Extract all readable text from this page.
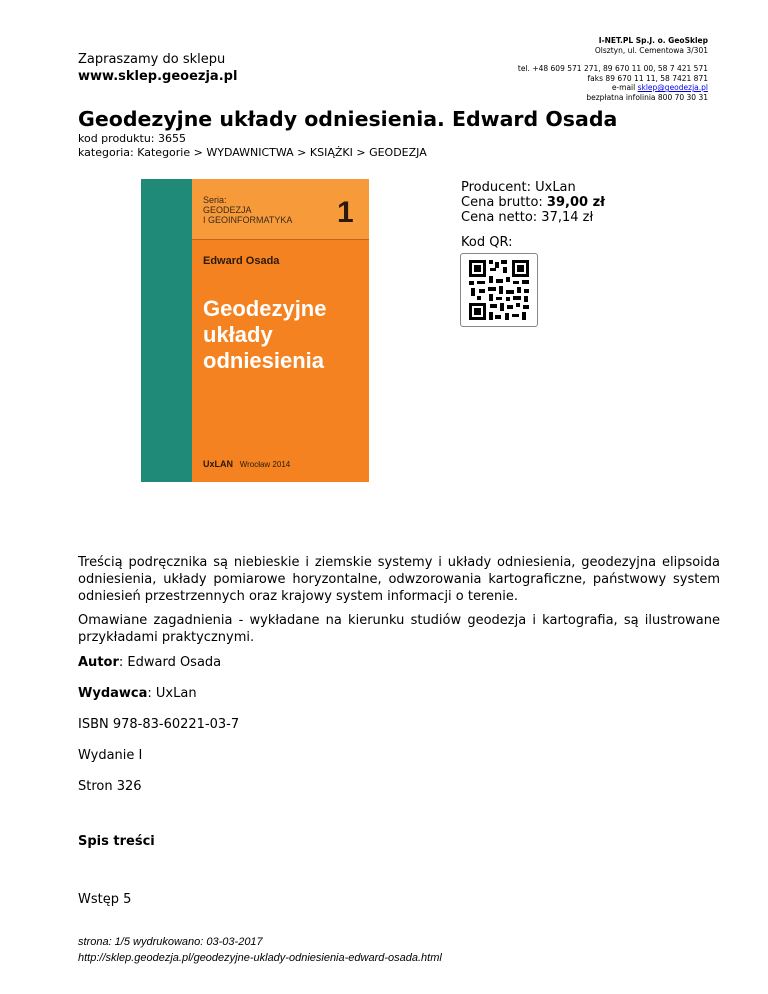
Zapraszamy do sklepu
www.sklep.geoezja.pl
I-NET.PL Sp.J. o. GeoSklep
Olsztyn, ul. Cementowa 3/301
tel. +48 609 571 271, 89 670 11 00, 58 7 421 571
faks 89 670 11 11, 58 7421 871
e-mail sklep@geodezja.pl
bezpłatna infolinia 800 70 30 31
Geodezyjne układy odniesienia. Edward Osada
kod produktu: 3655
kategoria: Kategorie > WYDAWNICTWA > KSIĄŻKI > GEODEZJA
Seria:
GEODEZJA
I GEOINFORMATYKA 1
Edward Osada
Geodezyjne
układy
odniesienia
UxLAN Wrocław 2014
Producent: UxLan
Cena brutto: 39,00 zł
Cena netto: 37,14 zł
Kod QR:
Treścią podręcznika są niebieskie i ziemskie systemy i układy odniesienia, geodezyjna elipsoida odniesienia, układy pomiarowe horyzontalne, odwzorowania kartograficzne, państwowy system odniesień przestrzennych oraz krajowy system informacji o terenie.
Omawiane zagadnienia - wykładane na kierunku studiów geodezja i kartografia, są ilustrowane przykładami praktycznymi.
Autor: Edward Osada
Wydawca: UxLan
ISBN 978-83-60221-03-7
Wydanie I
Stron 326
Spis treści
Wstęp 5
strona: 1/5 wydrukowano: 03-03-2017
http://sklep.geodezja.pl/geodezyjne-uklady-odniesienia-edward-osada.html
